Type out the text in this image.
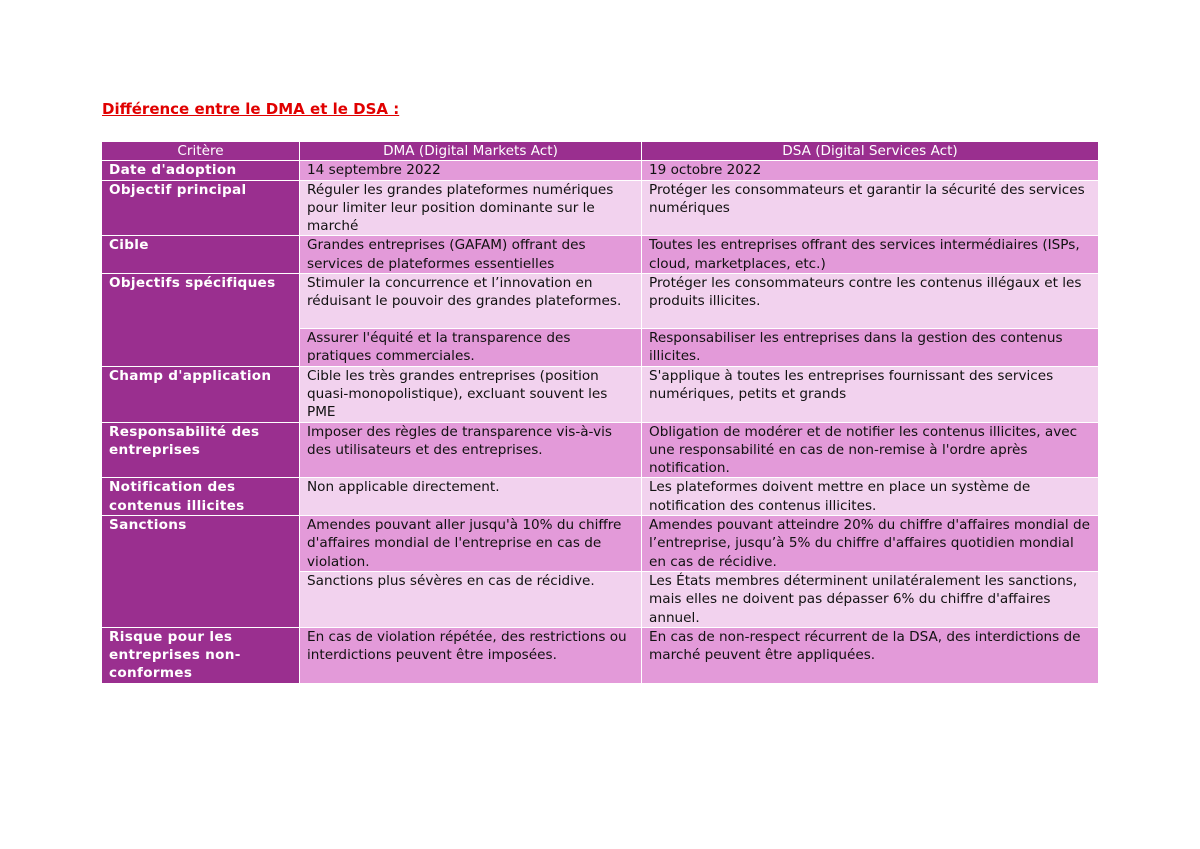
Différence entre le DMA et le DSA :
Critère	DMA (Digital Markets Act)	DSA (Digital Services Act)
Date d'adoption	14 septembre 2022	19 octobre 2022
Objectif principal	Réguler les grandes plateformes numériques pour limiter leur position dominante sur le marché	Protéger les consommateurs et garantir la sécurité des services numériques
Cible	Grandes entreprises (GAFAM) offrant des services de plateformes essentielles	Toutes les entreprises offrant des services intermédiaires (ISPs, cloud, marketplaces, etc.)
Objectifs spécifiques	Stimuler la concurrence et l’innovation en réduisant le pouvoir des grandes plateformes.	Protéger les consommateurs contre les contenus illégaux et les produits illicites.
	Assurer l'équité et la transparence des pratiques commerciales.	Responsabiliser les entreprises dans la gestion des contenus illicites.
Champ d'application	Cible les très grandes entreprises (position quasi-monopolistique), excluant souvent les PME	S'applique à toutes les entreprises fournissant des services numériques, petits et grands
Responsabilité des entreprises	Imposer des règles de transparence vis-à-vis des utilisateurs et des entreprises.	Obligation de modérer et de notifier les contenus illicites, avec une responsabilité en cas de non-remise à l'ordre après notification.
Notification des contenus illicites	Non applicable directement.	Les plateformes doivent mettre en place un système de notification des contenus illicites.
Sanctions	Amendes pouvant aller jusqu'à 10% du chiffre d'affaires mondial de l'entreprise en cas de violation.	Amendes pouvant atteindre 20% du chiffre d'affaires mondial de l’entreprise, jusqu’à 5% du chiffre d'affaires quotidien mondial en cas de récidive.
	Sanctions plus sévères en cas de récidive.	Les États membres déterminent unilatéralement les sanctions, mais elles ne doivent pas dépasser 6% du chiffre d'affaires annuel.
Risque pour les entreprises non-conformes	En cas de violation répétée, des restrictions ou interdictions peuvent être imposées.	En cas de non-respect récurrent de la DSA, des interdictions de marché peuvent être appliquées.
